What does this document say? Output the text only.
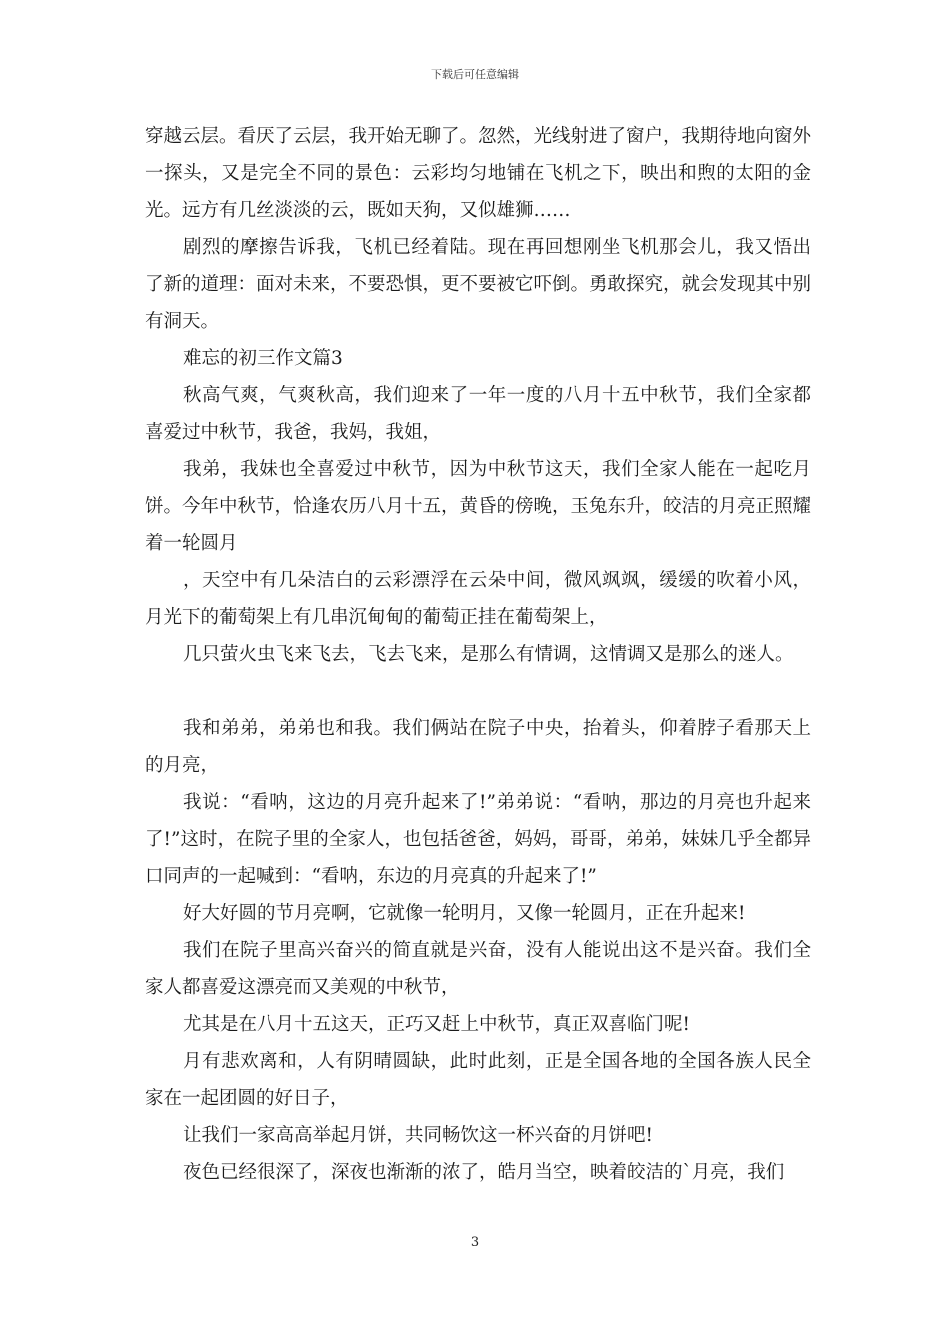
下载后可任意编辑

穿越云层。看厌了云层，我开始无聊了。忽然，光线射进了窗户，我期待地向窗外一探头，又是完全不同的景色：云彩均匀地铺在飞机之下，映出和煦的太阳的金光。远方有几丝淡淡的云，既如天狗，又似雄狮……

剧烈的摩擦告诉我，飞机已经着陆。现在再回想刚坐飞机那会儿，我又悟出了新的道理：面对未来，不要恐惧，更不要被它吓倒。勇敢探究，就会发现其中别有洞天。

难忘的初三作文篇3

秋高气爽，气爽秋高，我们迎来了一年一度的八月十五中秋节，我们全家都喜爱过中秋节，我爸，我妈，我姐，

我弟，我妹也全喜爱过中秋节，因为中秋节这天，我们全家人能在一起吃月饼。今年中秋节，恰逢农历八月十五，黄昏的傍晚，玉兔东升，皎洁的月亮正照耀着一轮圆月

，天空中有几朵洁白的云彩漂浮在云朵中间，微风飒飒，缓缓的吹着小风，月光下的葡萄架上有几串沉甸甸的葡萄正挂在葡萄架上，

几只萤火虫飞来飞去，飞去飞来，是那么有情调，这情调又是那么的迷人。

我和弟弟，弟弟也和我。我们俩站在院子中央，抬着头，仰着脖子看那天上的月亮，

我说：“看呐，这边的月亮升起来了!”弟弟说：“看呐，那边的月亮也升起来了!”这时，在院子里的全家人，也包括爸爸，妈妈，哥哥，弟弟，妹妹几乎全都异口同声的一起喊到：“看呐，东边的月亮真的升起来了!”

好大好圆的节月亮啊，它就像一轮明月，又像一轮圆月，正在升起来!

我们在院子里高兴奋兴的简直就是兴奋，没有人能说出这不是兴奋。我们全家人都喜爱这漂亮而又美观的中秋节，

尤其是在八月十五这天，正巧又赶上中秋节，真正双喜临门呢!

月有悲欢离和，人有阴晴圆缺，此时此刻，正是全国各地的全国各族人民全家在一起团圆的好日子，

让我们一家高高举起月饼，共同畅饮这一杯兴奋的月饼吧!

夜色已经很深了，深夜也渐渐的浓了，皓月当空，映着皎洁的`月亮，我们

3
